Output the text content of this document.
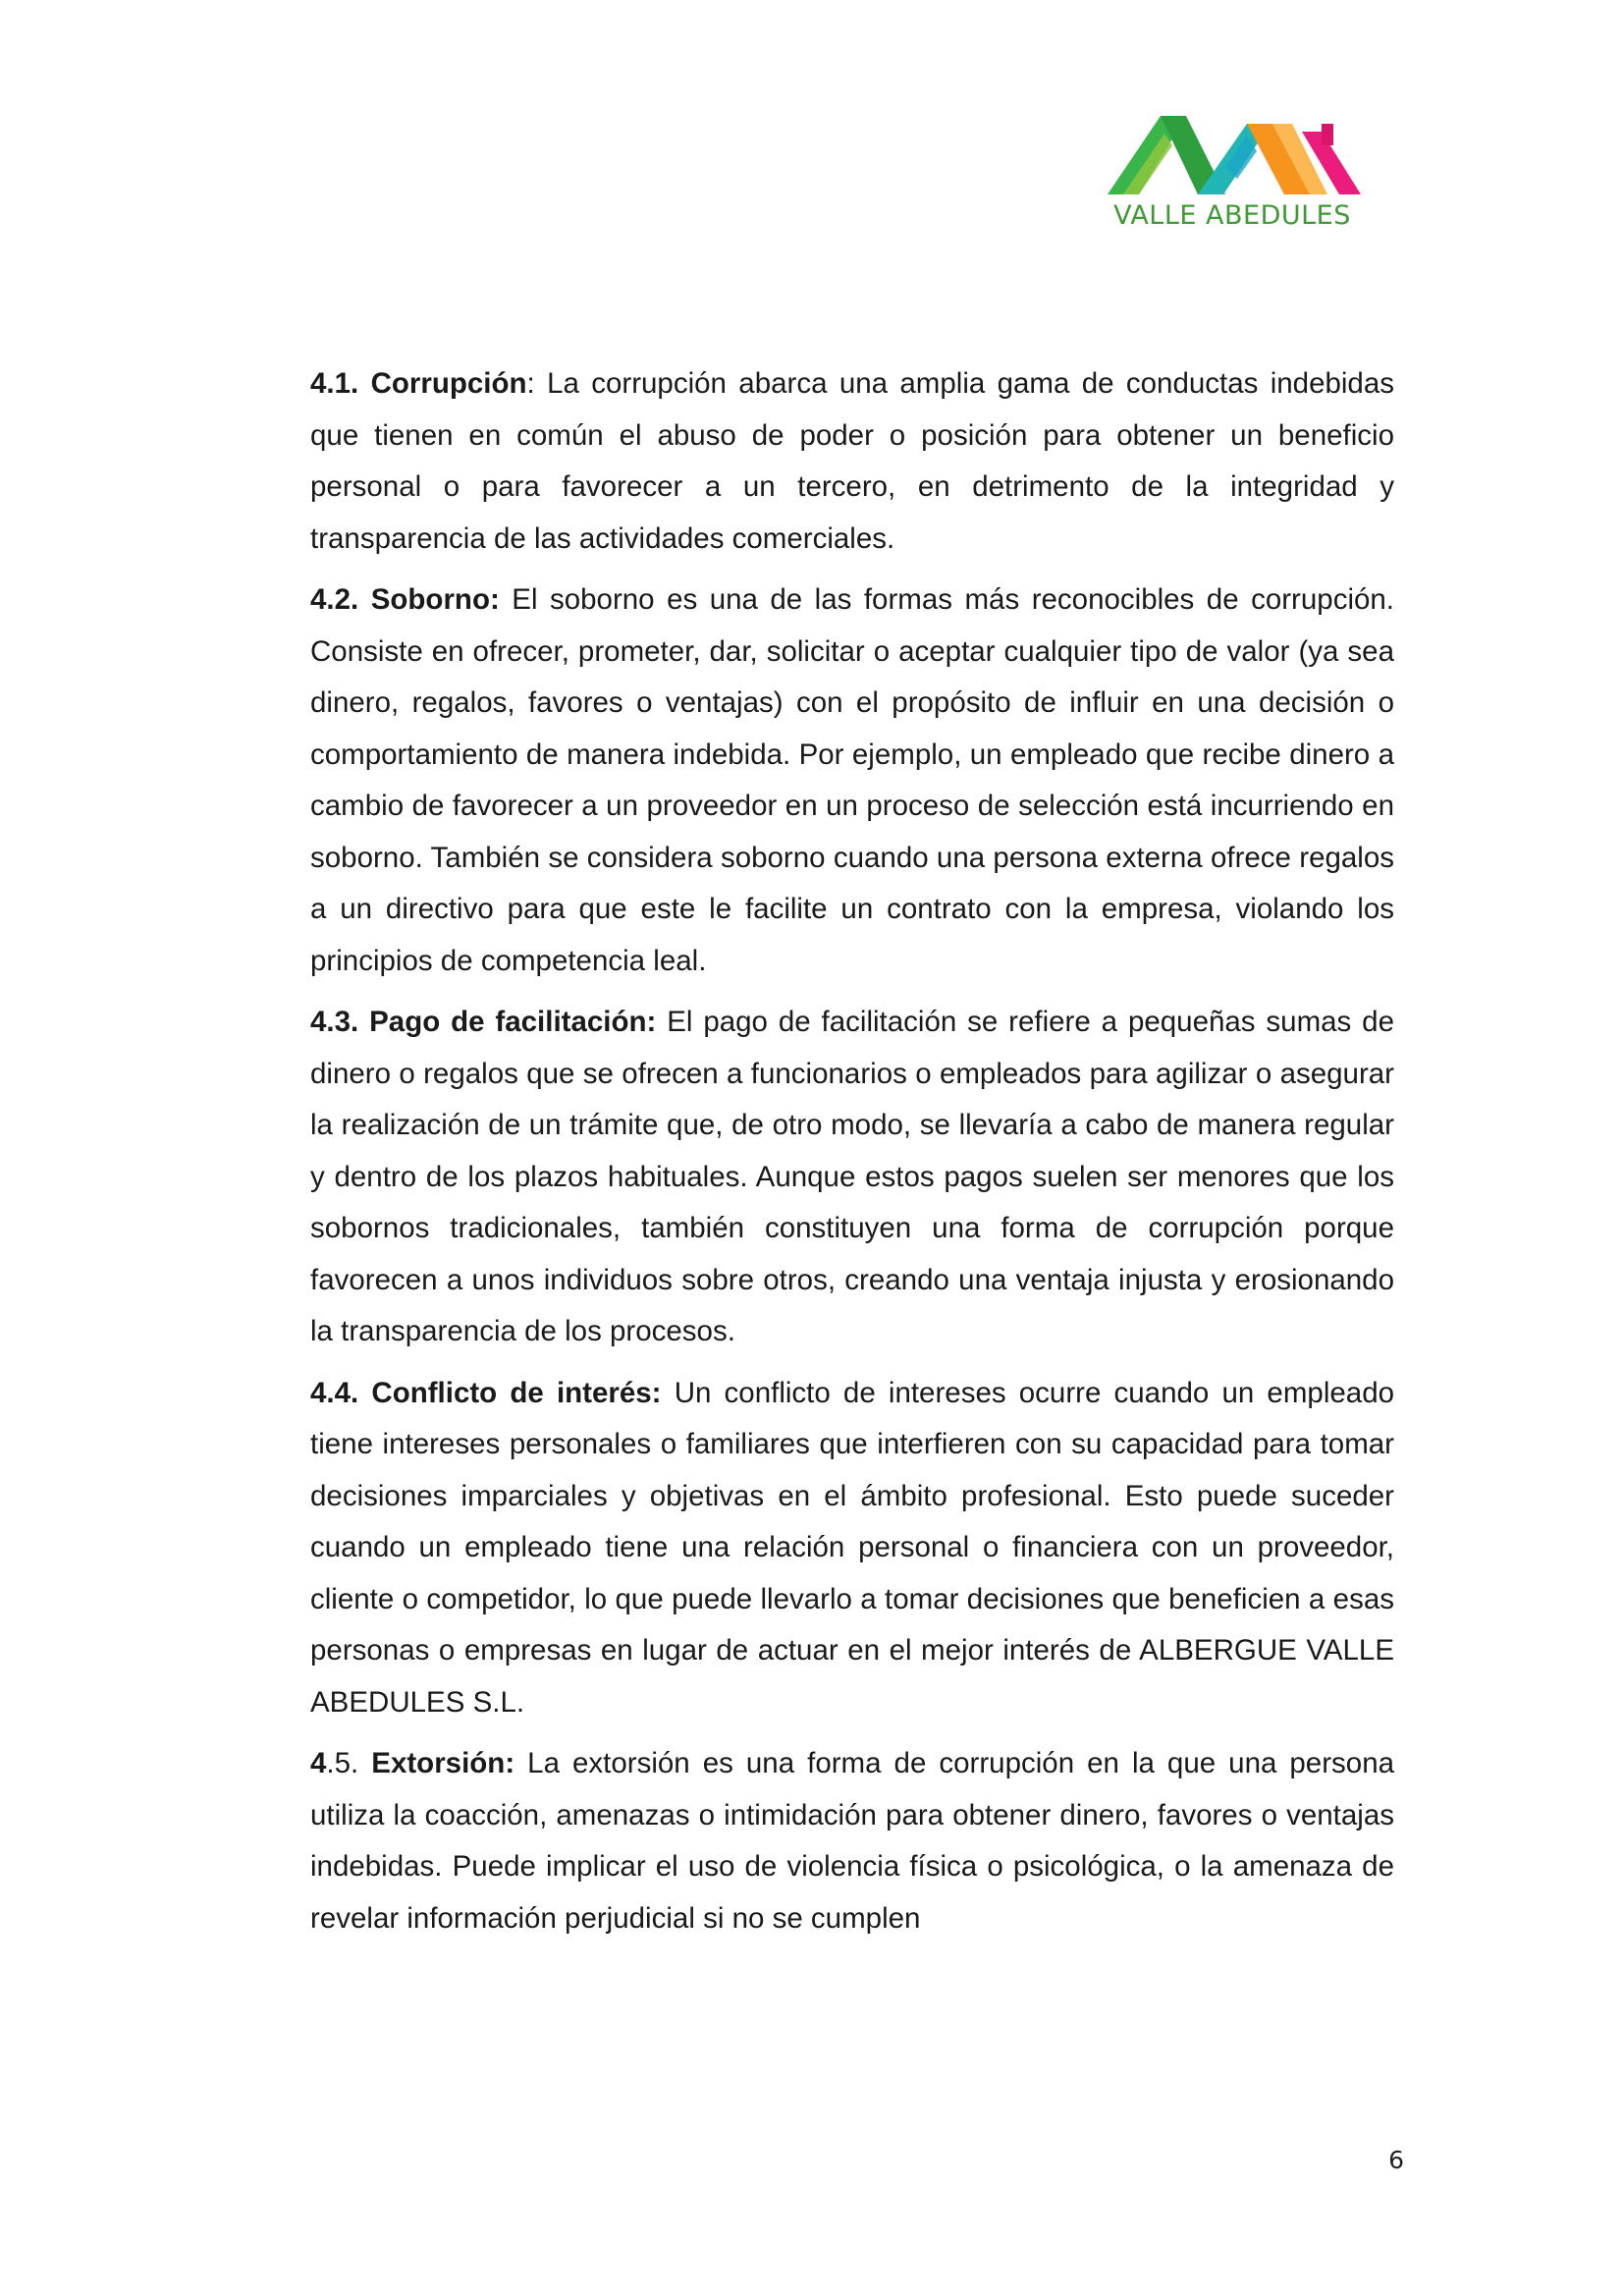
VALLE ABEDULES

4.1. Corrupción: La corrupción abarca una amplia gama de conductas indebidas que tienen en común el abuso de poder o posición para obtener un beneficio personal o para favorecer a un tercero, en detrimento de la integridad y transparencia de las actividades comerciales.

4.2. Soborno: El soborno es una de las formas más reconocibles de corrupción. Consiste en ofrecer, prometer, dar, solicitar o aceptar cualquier tipo de valor (ya sea dinero, regalos, favores o ventajas) con el propósito de influir en una decisión o comportamiento de manera indebida. Por ejemplo, un empleado que recibe dinero a cambio de favorecer a un proveedor en un proceso de selección está incurriendo en soborno. También se considera soborno cuando una persona externa ofrece regalos a un directivo para que este le facilite un contrato con la empresa, violando los principios de competencia leal.

4.3. Pago de facilitación: El pago de facilitación se refiere a pequeñas sumas de dinero o regalos que se ofrecen a funcionarios o empleados para agilizar o asegurar la realización de un trámite que, de otro modo, se llevaría a cabo de manera regular y dentro de los plazos habituales. Aunque estos pagos suelen ser menores que los sobornos tradicionales, también constituyen una forma de corrupción porque favorecen a unos individuos sobre otros, creando una ventaja injusta y erosionando la transparencia de los procesos.

4.4. Conflicto de interés: Un conflicto de intereses ocurre cuando un empleado tiene intereses personales o familiares que interfieren con su capacidad para tomar decisiones imparciales y objetivas en el ámbito profesional. Esto puede suceder cuando un empleado tiene una relación personal o financiera con un proveedor, cliente o competidor, lo que puede llevarlo a tomar decisiones que beneficien a esas personas o empresas en lugar de actuar en el mejor interés de ALBERGUE VALLE ABEDULES S.L.

4.5. Extorsión: La extorsión es una forma de corrupción en la que una persona utiliza la coacción, amenazas o intimidación para obtener dinero, favores o ventajas indebidas. Puede implicar el uso de violencia física o psicológica, o la amenaza de revelar información perjudicial si no se cumplen

6
